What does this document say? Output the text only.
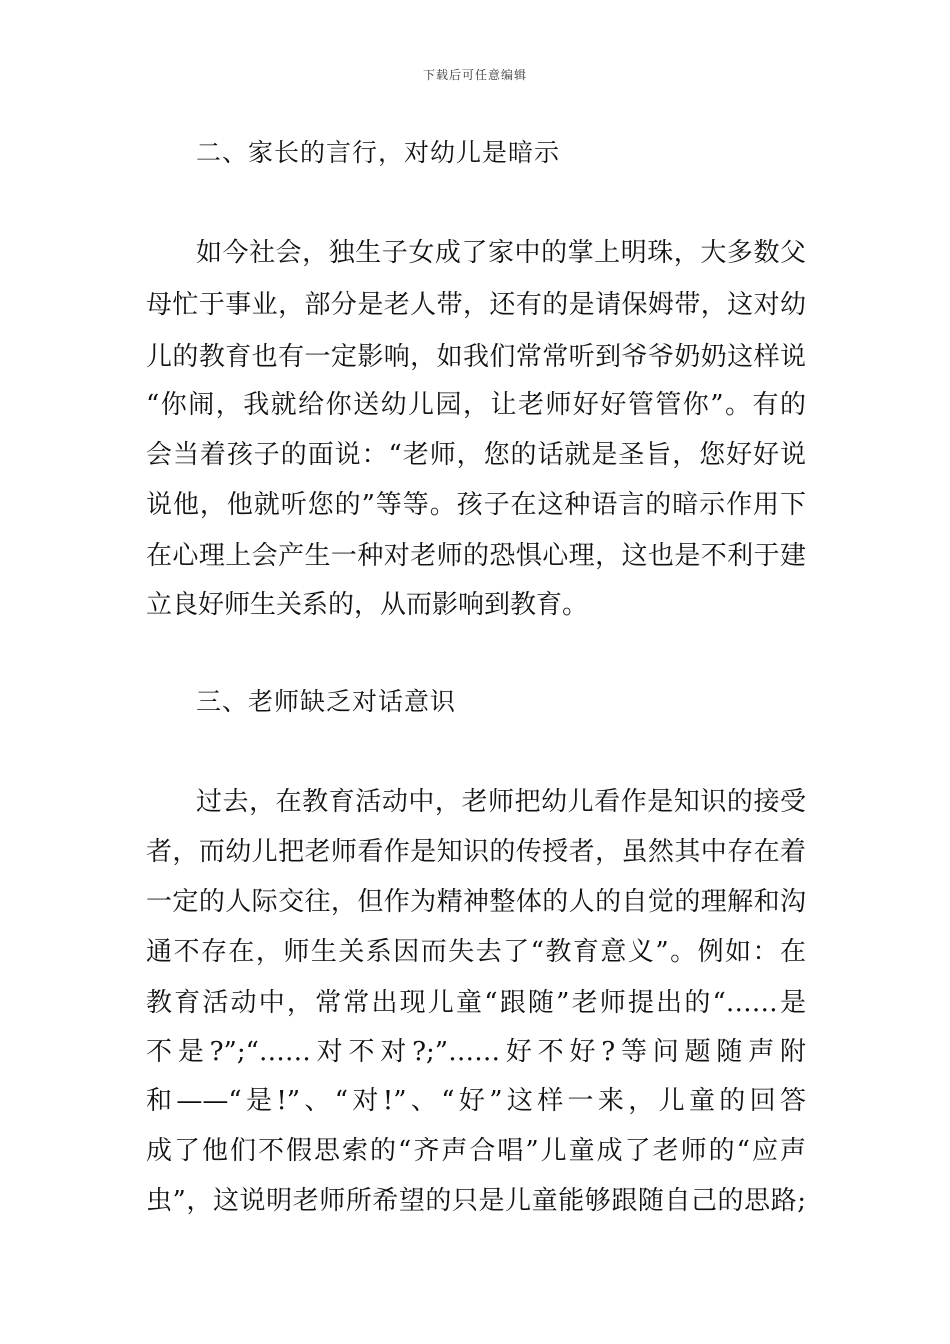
下载后可任意编辑
二、家长的言行，对幼儿是暗示
如今社会，独生子女成了家中的掌上明珠，大多数父
母忙于事业，部分是老人带，还有的是请保姆带，这对幼
儿的教育也有一定影响，如我们常常听到爷爷奶奶这样说
“你闹，我就给你送幼儿园，让老师好好管管你”。有的
会当着孩子的面说：“老师，您的话就是圣旨，您好好说
说他，他就听您的”等等。孩子在这种语言的暗示作用下
在心理上会产生一种对老师的恐惧心理，这也是不利于建
立良好师生关系的，从而影响到教育。
三、老师缺乏对话意识
过去，在教育活动中，老师把幼儿看作是知识的接受
者，而幼儿把老师看作是知识的传授者，虽然其中存在着
一定的人际交往，但作为精神整体的人的自觉的理解和沟
通不存在，师生关系因而失去了“教育意义”。例如：在
教育活动中，常常出现儿童“跟随”老师提出的“……是
不是?”;“……对不对?;”……好不好?等问题随声附
和——“是!”、“对!”、“好”这样一来，儿童的回答
成了他们不假思索的“齐声合唱”儿童成了老师的“应声
虫”，这说明老师所希望的只是儿童能够跟随自己的思路;
